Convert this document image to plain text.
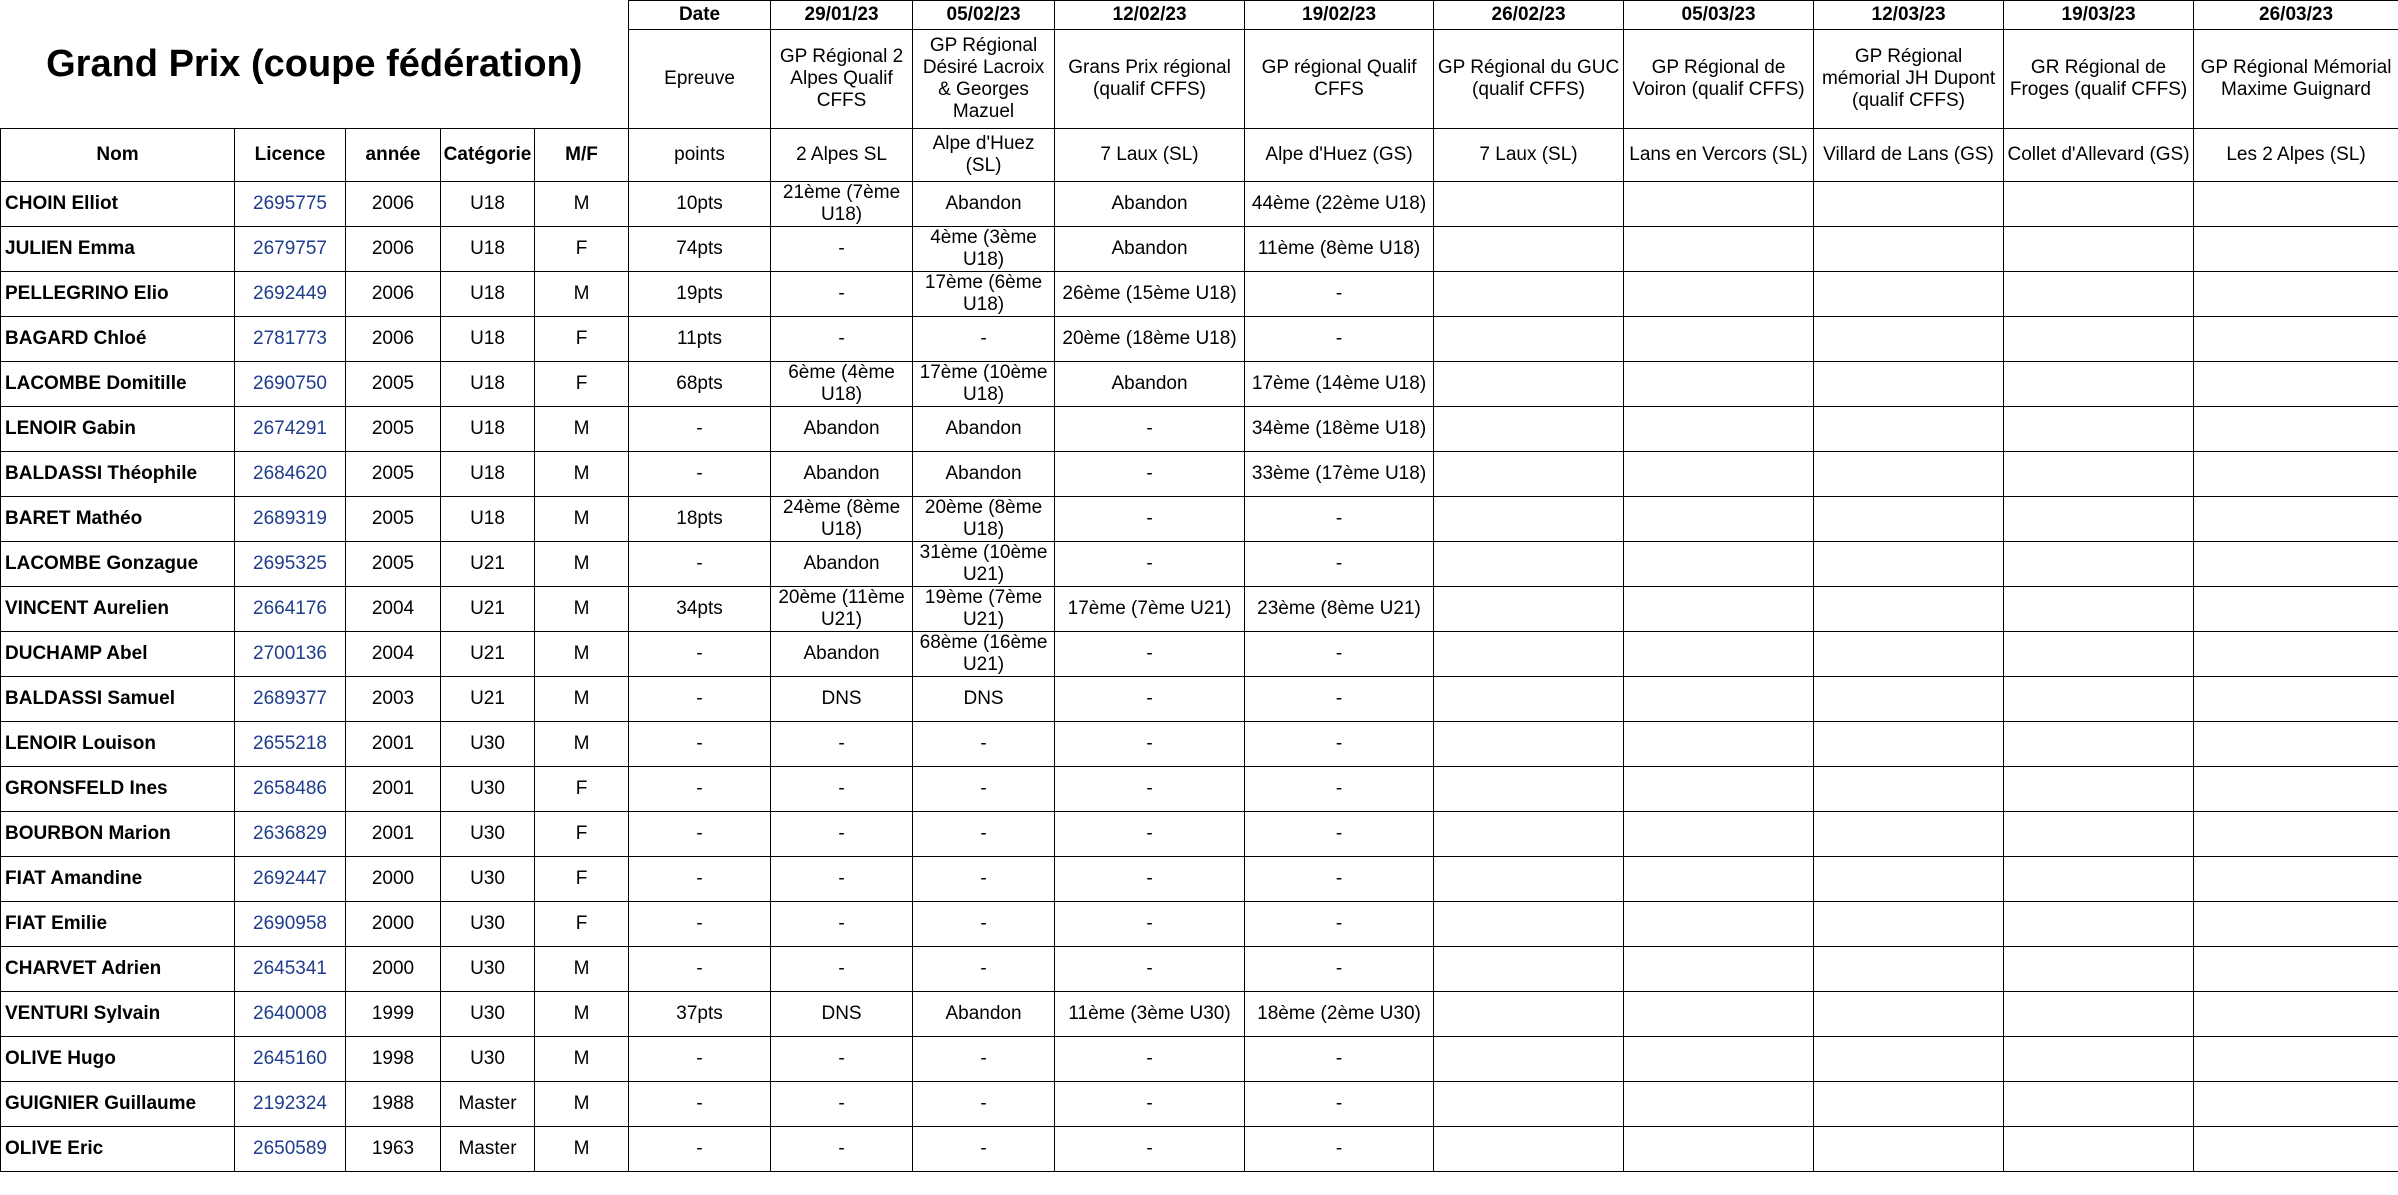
Grand Prix (coupe fédération)					Date	29/01/23	05/02/23	12/02/23	19/02/23	26/02/23	05/03/23	12/03/23	19/03/23	26/03/23
					Epreuve	GP Régional 2 Alpes Qualif CFFS	GP Régional Désiré Lacroix & Georges Mazuel	Grans Prix régional (qualif CFFS)	GP régional Qualif CFFS	GP Régional du GUC (qualif CFFS)	GP Régional de Voiron (qualif CFFS)	GP Régional mémorial JH Dupont (qualif CFFS)	GR Régional de Froges (qualif CFFS)	GP Régional Mémorial Maxime Guignard
Nom	Licence	année	Catégorie	M/F	points	2 Alpes SL	Alpe d'Huez (SL)	7 Laux (SL)	Alpe d'Huez (GS)	7 Laux (SL)	Lans en Vercors (SL)	Villard de Lans (GS)	Collet d'Allevard (GS)	Les 2 Alpes (SL)
CHOIN Elliot	2695775	2006	U18	M	10pts	21ème (7ème U18)	Abandon	Abandon	44ème (22ème U18)					
JULIEN Emma	2679757	2006	U18	F	74pts	-	4ème (3ème U18)	Abandon	11ème (8ème U18)					
PELLEGRINO Elio	2692449	2006	U18	M	19pts	-	17ème (6ème U18)	26ème (15ème U18)	-					
BAGARD Chloé	2781773	2006	U18	F	11pts	-	-	20ème (18ème U18)	-					
LACOMBE Domitille	2690750	2005	U18	F	68pts	6ème (4ème U18)	17ème (10ème U18)	Abandon	17ème (14ème U18)					
LENOIR Gabin	2674291	2005	U18	M	-	Abandon	Abandon	-	34ème (18ème U18)					
BALDASSI Théophile	2684620	2005	U18	M	-	Abandon	Abandon	-	33ème (17ème U18)					
BARET Mathéo	2689319	2005	U18	M	18pts	24ème (8ème U18)	20ème (8ème U18)	-	-					
LACOMBE Gonzague	2695325	2005	U21	M	-	Abandon	31ème (10ème U21)	-	-					
VINCENT Aurelien	2664176	2004	U21	M	34pts	20ème (11ème U21)	19ème (7ème U21)	17ème (7ème U21)	23ème (8ème U21)					
DUCHAMP Abel	2700136	2004	U21	M	-	Abandon	68ème (16ème U21)	-	-					
BALDASSI Samuel	2689377	2003	U21	M	-	DNS	DNS	-	-					
LENOIR Louison	2655218	2001	U30	M	-	-	-	-	-					
GRONSFELD Ines	2658486	2001	U30	F	-	-	-	-	-					
BOURBON Marion	2636829	2001	U30	F	-	-	-	-	-					
FIAT Amandine	2692447	2000	U30	F	-	-	-	-	-					
FIAT Emilie	2690958	2000	U30	F	-	-	-	-	-					
CHARVET Adrien	2645341	2000	U30	M	-	-	-	-	-					
VENTURI Sylvain	2640008	1999	U30	M	37pts	DNS	Abandon	11ème (3ème U30)	18ème (2ème U30)					
OLIVE Hugo	2645160	1998	U30	M	-	-	-	-	-					
GUIGNIER Guillaume	2192324	1988	Master	M	-	-	-	-	-					
OLIVE Eric	2650589	1963	Master	M	-	-	-	-	-					
